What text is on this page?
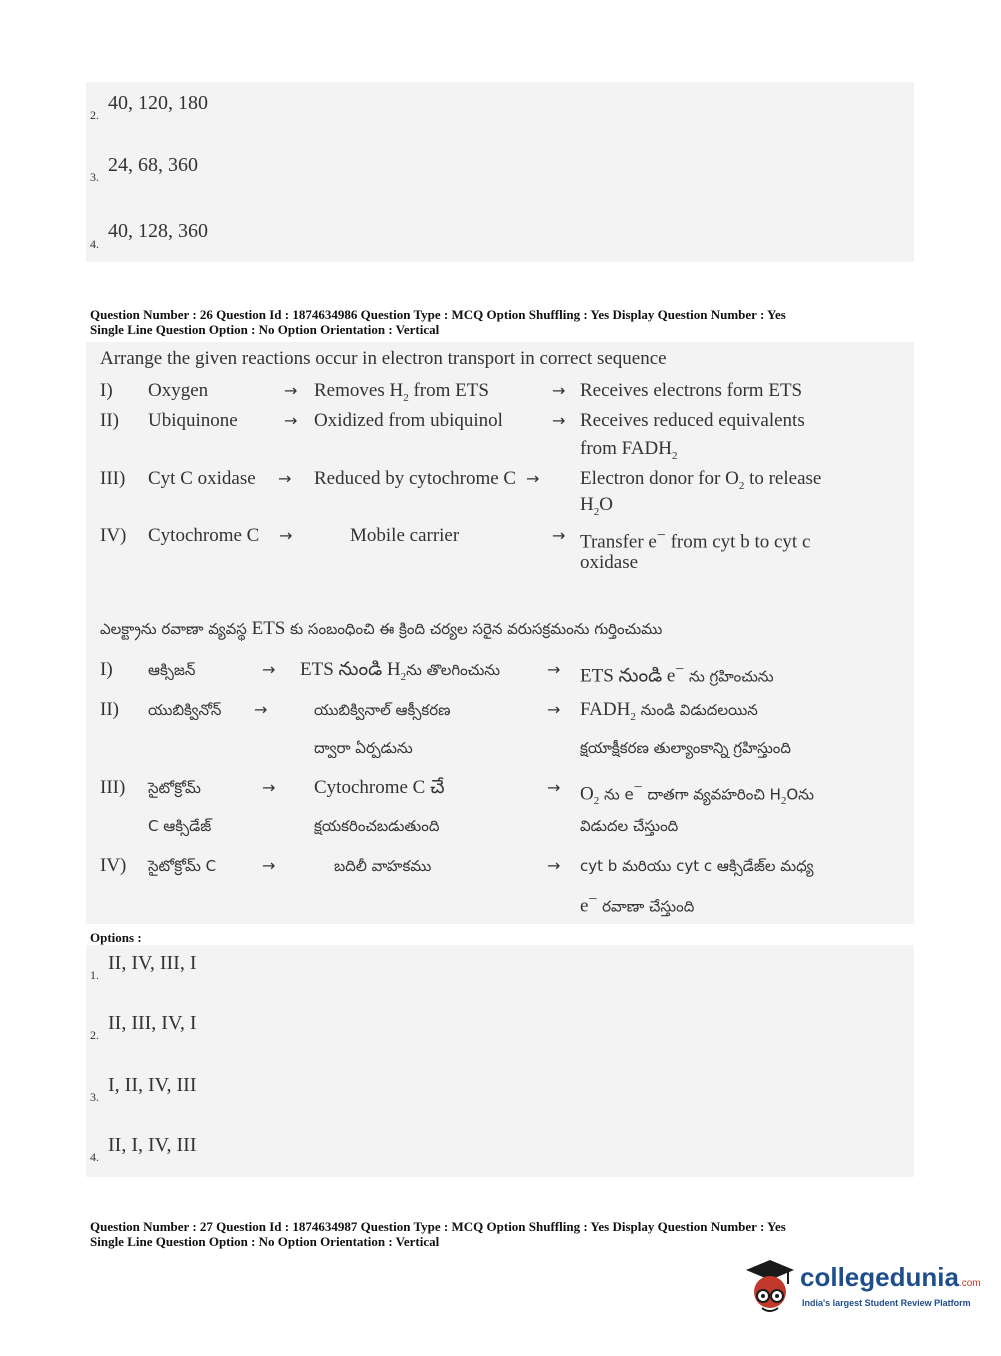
2.
40, 120, 180
3.
24, 68, 360
4.
40, 128, 360
Question Number : 26 Question Id : 1874634986 Question Type : MCQ Option Shuffling : Yes Display Question Number : Yes
Single Line Question Option : No Option Orientation : Vertical
Arrange the given reactions occur in electron transport in correct sequence
I) Oxygen	→ Removes $H_2$ from ETS	→ Receives electrons form ETS
II) Ubiquinone	→ Oxidized from ubiquinol	→ Receives reduced equivalents
from $FADH_2$
III) Cyt C oxidase → Reduced by cytochrome C → Electron donor for $O_2$ to release
$H_2O$
IV) Cytochrome C →	Mobile carrier	→ Transfer e− from cyt b to cyt c
oxidase
ఎలక్ట్రాను రవాణా వ్యవస్థ ETS కు సంబంధించి ఈ క్రింది చర్యల సరైన వరుసక్రమంను గుర్తించుము
I) ఆక్సిజన్	→ ETS నుండి $H_2ను$ తొలగించును	→ ETS నుండి e− ను గ్రహించును
II) యుబిక్వినోన్ →	యుబిక్వినాల్ ఆక్సీకరణ
ద్వారా ఏర్పడును
→ $FADH_2$ నుండి విడుదలయిన
క్షయాక్షీకరణ తుల్యాంకాన్ని గ్రహిస్తుంది
III) సైటోక్రోమ్
C ఆక్సిడేజ్
→ Cytochrome C చే
క్షయకరించబడుతుంది
→ $O_2$ ను e− దాతగా వ్యవహరించి $H_2Oను$
విడుదల చేస్తుంది
IV) సైటోక్రోమ్ C	→	బదిలీ వాహకము	→ cyt b మరియు cyt c ఆక్సిడేజ్‌ల మధ్య
e− రవాణా చేస్తుంది
Options :
1.
II, IV, III, I
2.
II, III, IV, I
3.
I, II, IV, III
4.
II, I, IV, III
Question Number : 27 Question Id : 1874634987 Question Type : MCQ Option Shuffling : Yes Display Question Number : Yes
Single Line Question Option : No Option Orientation : Vertical
collegedunia.com
India's largest Student Review Platform
